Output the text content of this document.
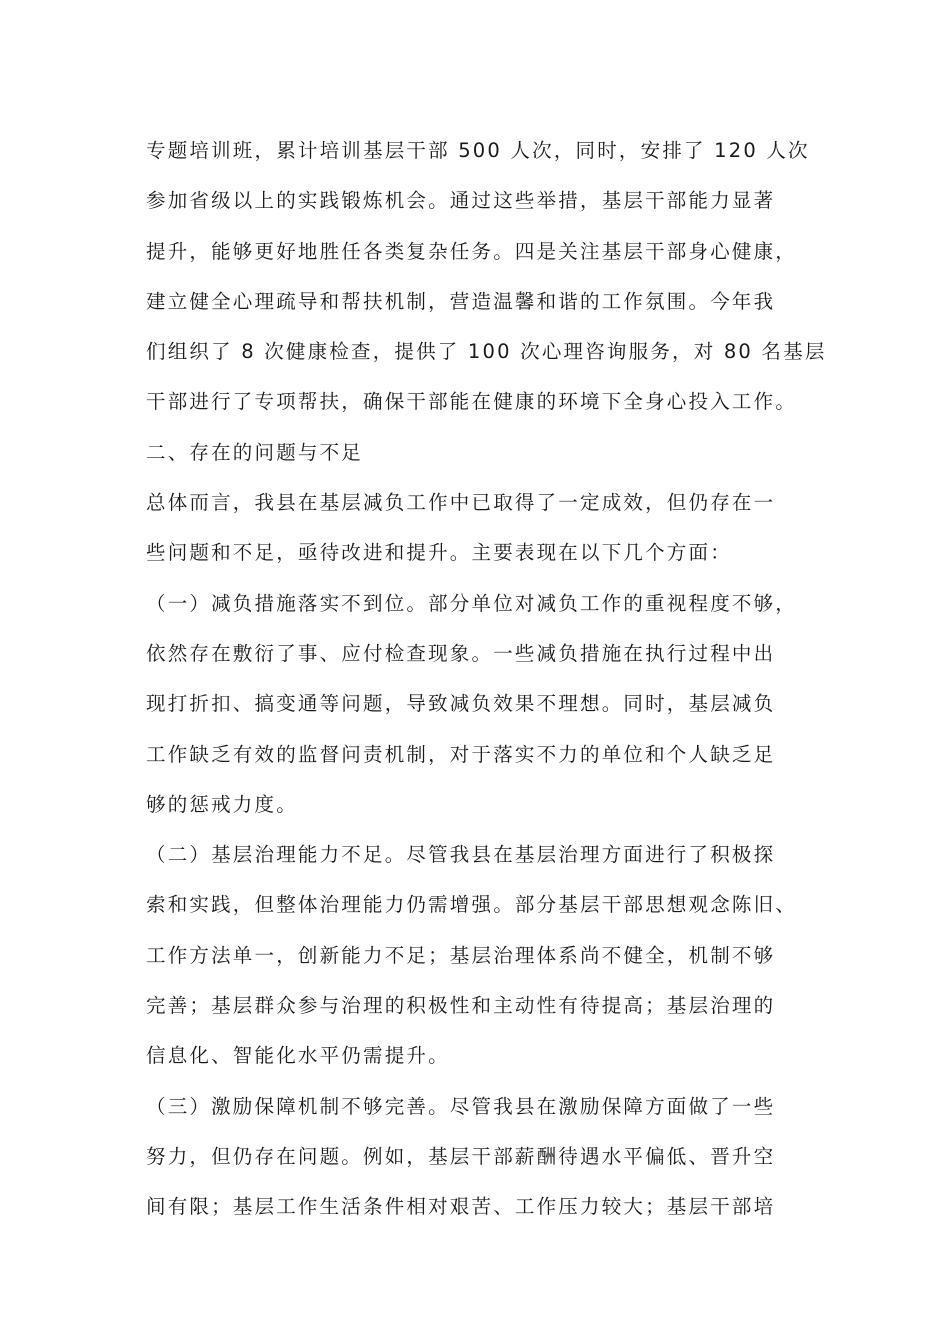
专题培训班，累计培训基层干部 500 人次，同时，安排了 120 人次

参加省级以上的实践锻炼机会。通过这些举措，基层干部能力显著

提升，能够更好地胜任各类复杂任务。四是关注基层干部身心健康，

建立健全心理疏导和帮扶机制，营造温馨和谐的工作氛围。今年我

们组织了 8 次健康检查，提供了 100 次心理咨询服务，对 80 名基层

干部进行了专项帮扶，确保干部能在健康的环境下全身心投入工作。

二、存在的问题与不足

总体而言，我县在基层减负工作中已取得了一定成效，但仍存在一

些问题和不足，亟待改进和提升。主要表现在以下几个方面：

（一）减负措施落实不到位。部分单位对减负工作的重视程度不够，

依然存在敷衍了事、应付检查现象。一些减负措施在执行过程中出

现打折扣、搞变通等问题，导致减负效果不理想。同时，基层减负

工作缺乏有效的监督问责机制，对于落实不力的单位和个人缺乏足

够的惩戒力度。

（二）基层治理能力不足。尽管我县在基层治理方面进行了积极探

索和实践，但整体治理能力仍需增强。部分基层干部思想观念陈旧、

工作方法单一，创新能力不足；基层治理体系尚不健全，机制不够

完善；基层群众参与治理的积极性和主动性有待提高；基层治理的

信息化、智能化水平仍需提升。

（三）激励保障机制不够完善。尽管我县在激励保障方面做了一些

努力，但仍存在问题。例如，基层干部薪酬待遇水平偏低、晋升空

间有限；基层工作生活条件相对艰苦、工作压力较大；基层干部培
